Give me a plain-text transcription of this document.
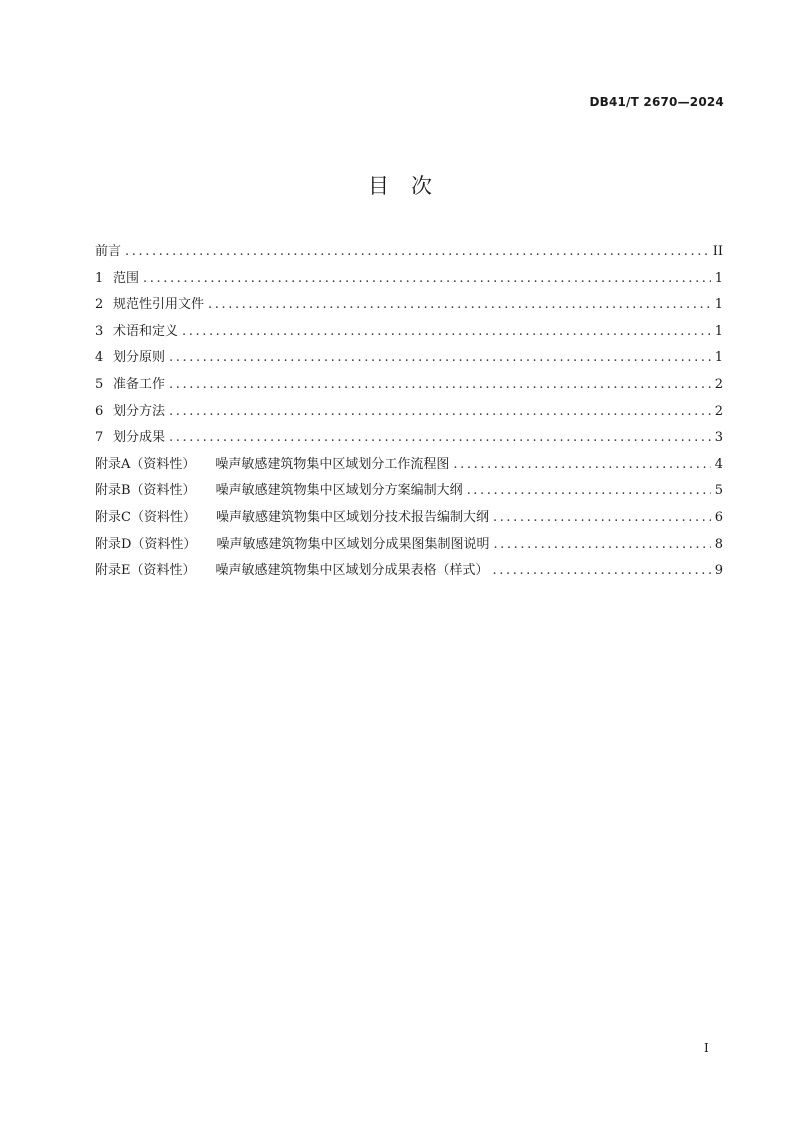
DB41/T 2670—2024
目 次
前言 .....	II
1 范围 .....	1
2 规范性引用文件 .....	1
3 术语和定义 .....	1
4 划分原则 .....	1
5 准备工作 .....	2
6 划分方法 .....	2
7 划分成果 .....	3
附录A（资料性） 噪声敏感建筑物集中区域划分工作流程图 .....	4
附录B（资料性） 噪声敏感建筑物集中区域划分方案编制大纲 .....	5
附录C（资料性） 噪声敏感建筑物集中区域划分技术报告编制大纲 .....	6
附录D（资料性） 噪声敏感建筑物集中区域划分成果图集制图说明 .....	8
附录E（资料性） 噪声敏感建筑物集中区域划分成果表格（样式） .....	9
I
